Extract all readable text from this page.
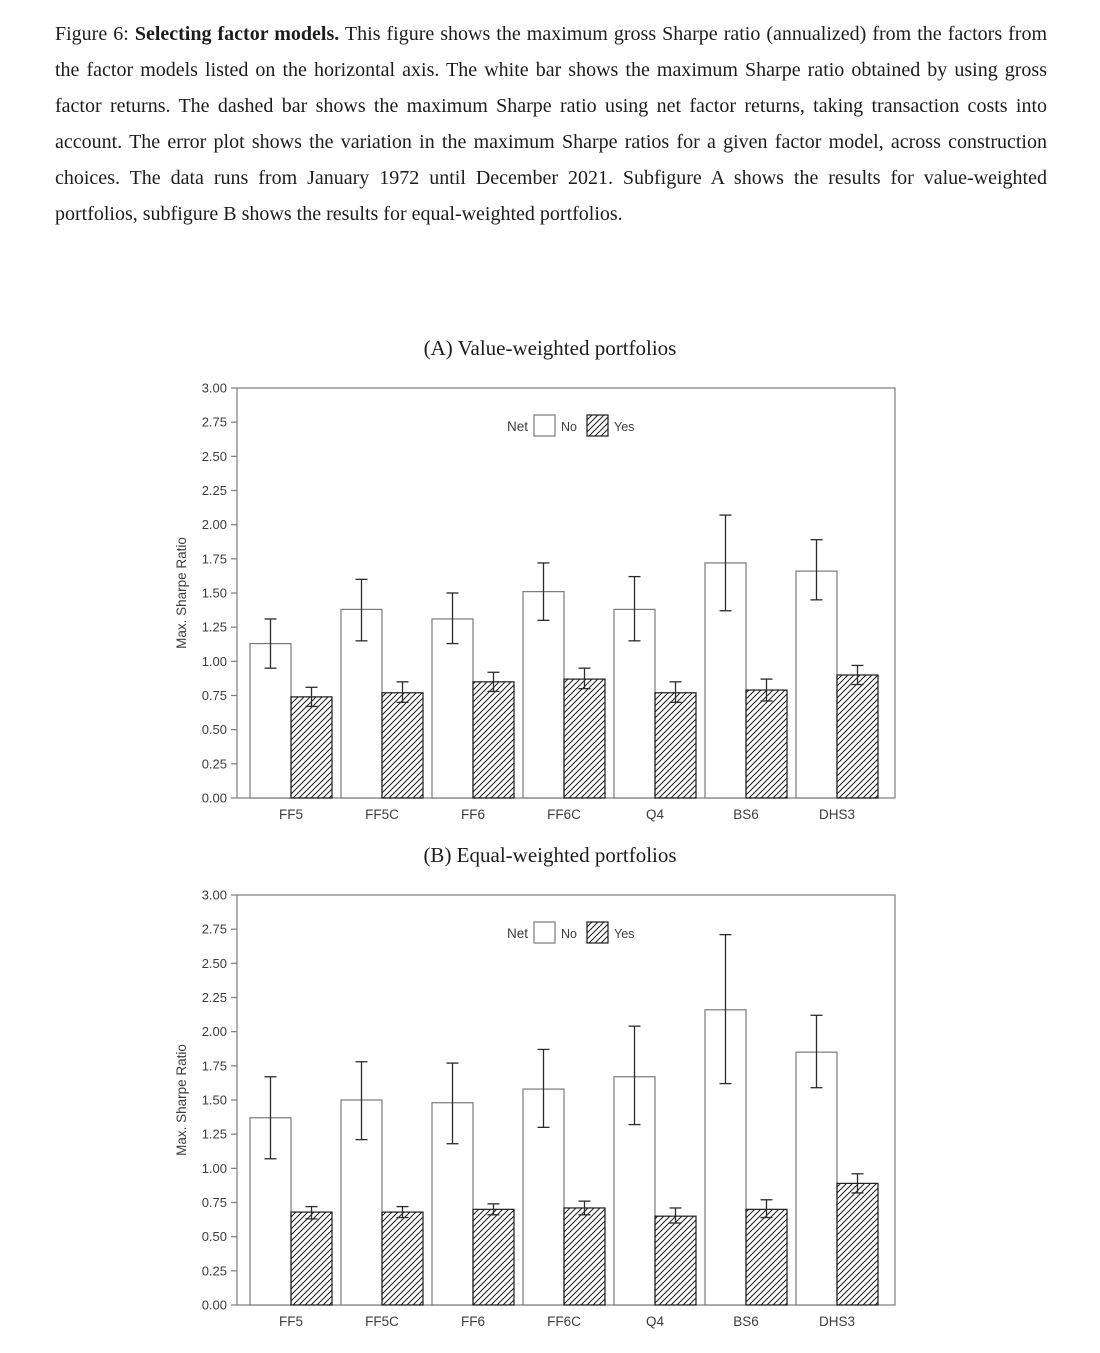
Figure 6: Selecting factor models. This figure shows the maximum gross Sharpe ratio (annualized) from the factors from the factor models listed on the horizontal axis. The white bar shows the maximum Sharpe ratio obtained by using gross factor returns. The dashed bar shows the maximum Sharpe ratio using net factor returns, taking transaction costs into account. The error plot shows the variation in the maximum Sharpe ratios for a given factor model, across construction choices. The data runs from January 1972 until December 2021. Subfigure A shows the results for value-weighted portfolios, subfigure B shows the results for equal-weighted portfolios.

(A) Value-weighted portfolios
0.00
0.25
0.50
0.75
1.00
1.25
1.50
1.75
2.00
2.25
2.50
2.75
3.00
Max. Sharpe Ratio
FF5	FF5C	FF6	FF6C	Q4	BS6	DHS3
Net	No	Yes
(B) Equal-weighted portfolios
0.00
0.25
0.50
0.75
1.00
1.25
1.50
1.75
2.00
2.25
2.50
2.75
3.00
Max. Sharpe Ratio
FF5	FF5C	FF6	FF6C	Q4	BS6	DHS3
Net	No	Yes
